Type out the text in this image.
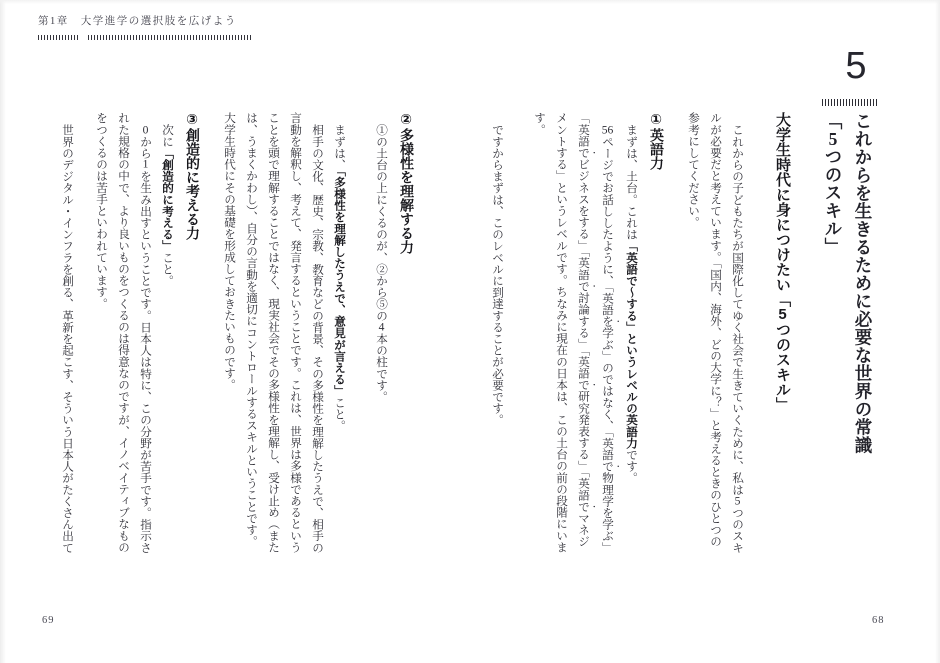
第1章　大学進学の選択肢を広げよう
5
これからを生きるために必要な世界の常識
「5つのスキル」
大学生時代に身につけたい「5つのスキル」

これからの子どもたちが国際化してゆく社会で生きていくために、私は5つのスキルが必要だと考えています。「国内、海外、どの大学に？」と考えるときのひとつの参考にしてください。

①英語力

まずは、土台。これは「英語で〜する」というレベルの英語力です。

56ページでお話ししたように、「英語を学ぶ」のではなく、「英語で物理学を学ぶ」「英語でビジネスをする」「英語で討論する」「英語で研究発表する」「英語でマネジメントする」というレベルです。ちなみに現在の日本は、この土台の前の段階にいます。

ですからまずは、このレベルに到達することが必要です。

②多様性を理解する力

①の土台の上にくるのが、②から⑤の4本の柱です。

まずは、「多様性を理解したうえで、意見が言える」こと。

相手の文化、歴史、宗教、教育などの背景、その多様性を理解したうえで、相手の言動を解釈し、考えて、発言するということです。これは、世界は多様であるということを頭で理解することではなく、現実社会でその多様性を理解し、受け止め（または、うまくかわし）、自分の言動を適切にコントロールするスキルということです。大学生時代にその基礎を形成しておきたいものです。

③創造的に考える力

次に「創造的に考える」こと。

0から1を生み出すということです。日本人は特に、この分野が苦手です。指示された規格の中で、より良いものをつくるのは得意なのですが、イノベイティブなものをつくるのは苦手といわれています。

世界のデジタル・インフラを創る、革新を起こす、そういう日本人がたくさん出て

69	68
